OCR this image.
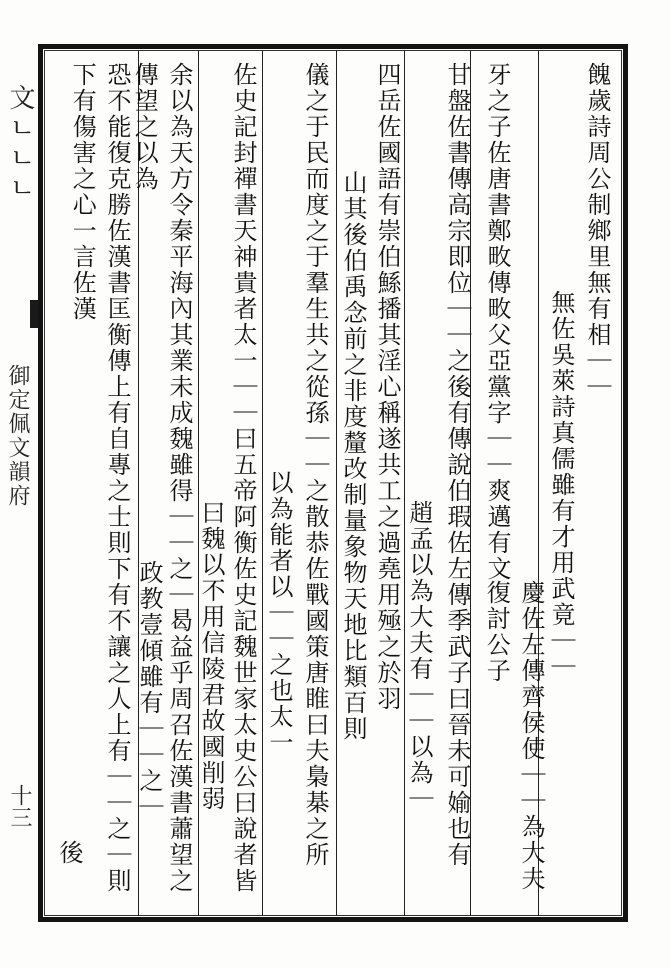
文ㄴㄴㄴ
御定佩文韻府
十三
餽歲詩周公制鄉里無有相｜｜
無佐吳萊詩真儒雖有才用武竟｜｜
慶佐左傳齊侯使｜｜為大夫復討公子
牙之子佐唐書鄭畋傳畋父亞黨字｜｜爽邁有文
甘盤佐書傳高宗即位｜｜之後有傳說伯瑕佐左傳季武子曰晉未可媮也有
趙孟以為大夫有｜｜以為｜
四岳佐國語有崇伯鯀播其淫心稱遂共工之過堯用殛之於羽
山其後伯禹念前之非度釐改制量象物天地比類百則
儀之于民而度之于羣生共之從孫｜｜之散恭佐戰國策唐睢曰夫梟棊之所
以為能者以｜｜之也太一
佐史記封禪書天神貴者太一｜｜曰五帝阿衡佐史記魏世家太史公曰說者皆
曰魏以不用信陵君故國削弱
余以為天方令秦平海內其業未成魏雖得｜｜之｜曷益乎周召佐漢書蕭望之傳望之以為
政教壹傾雖有｜｜之｜
恐不能復克勝佐漢書匡衡傳上有自專之士則下有不讓之人上有｜｜之｜則下有傷害之心一言佐漢
後
